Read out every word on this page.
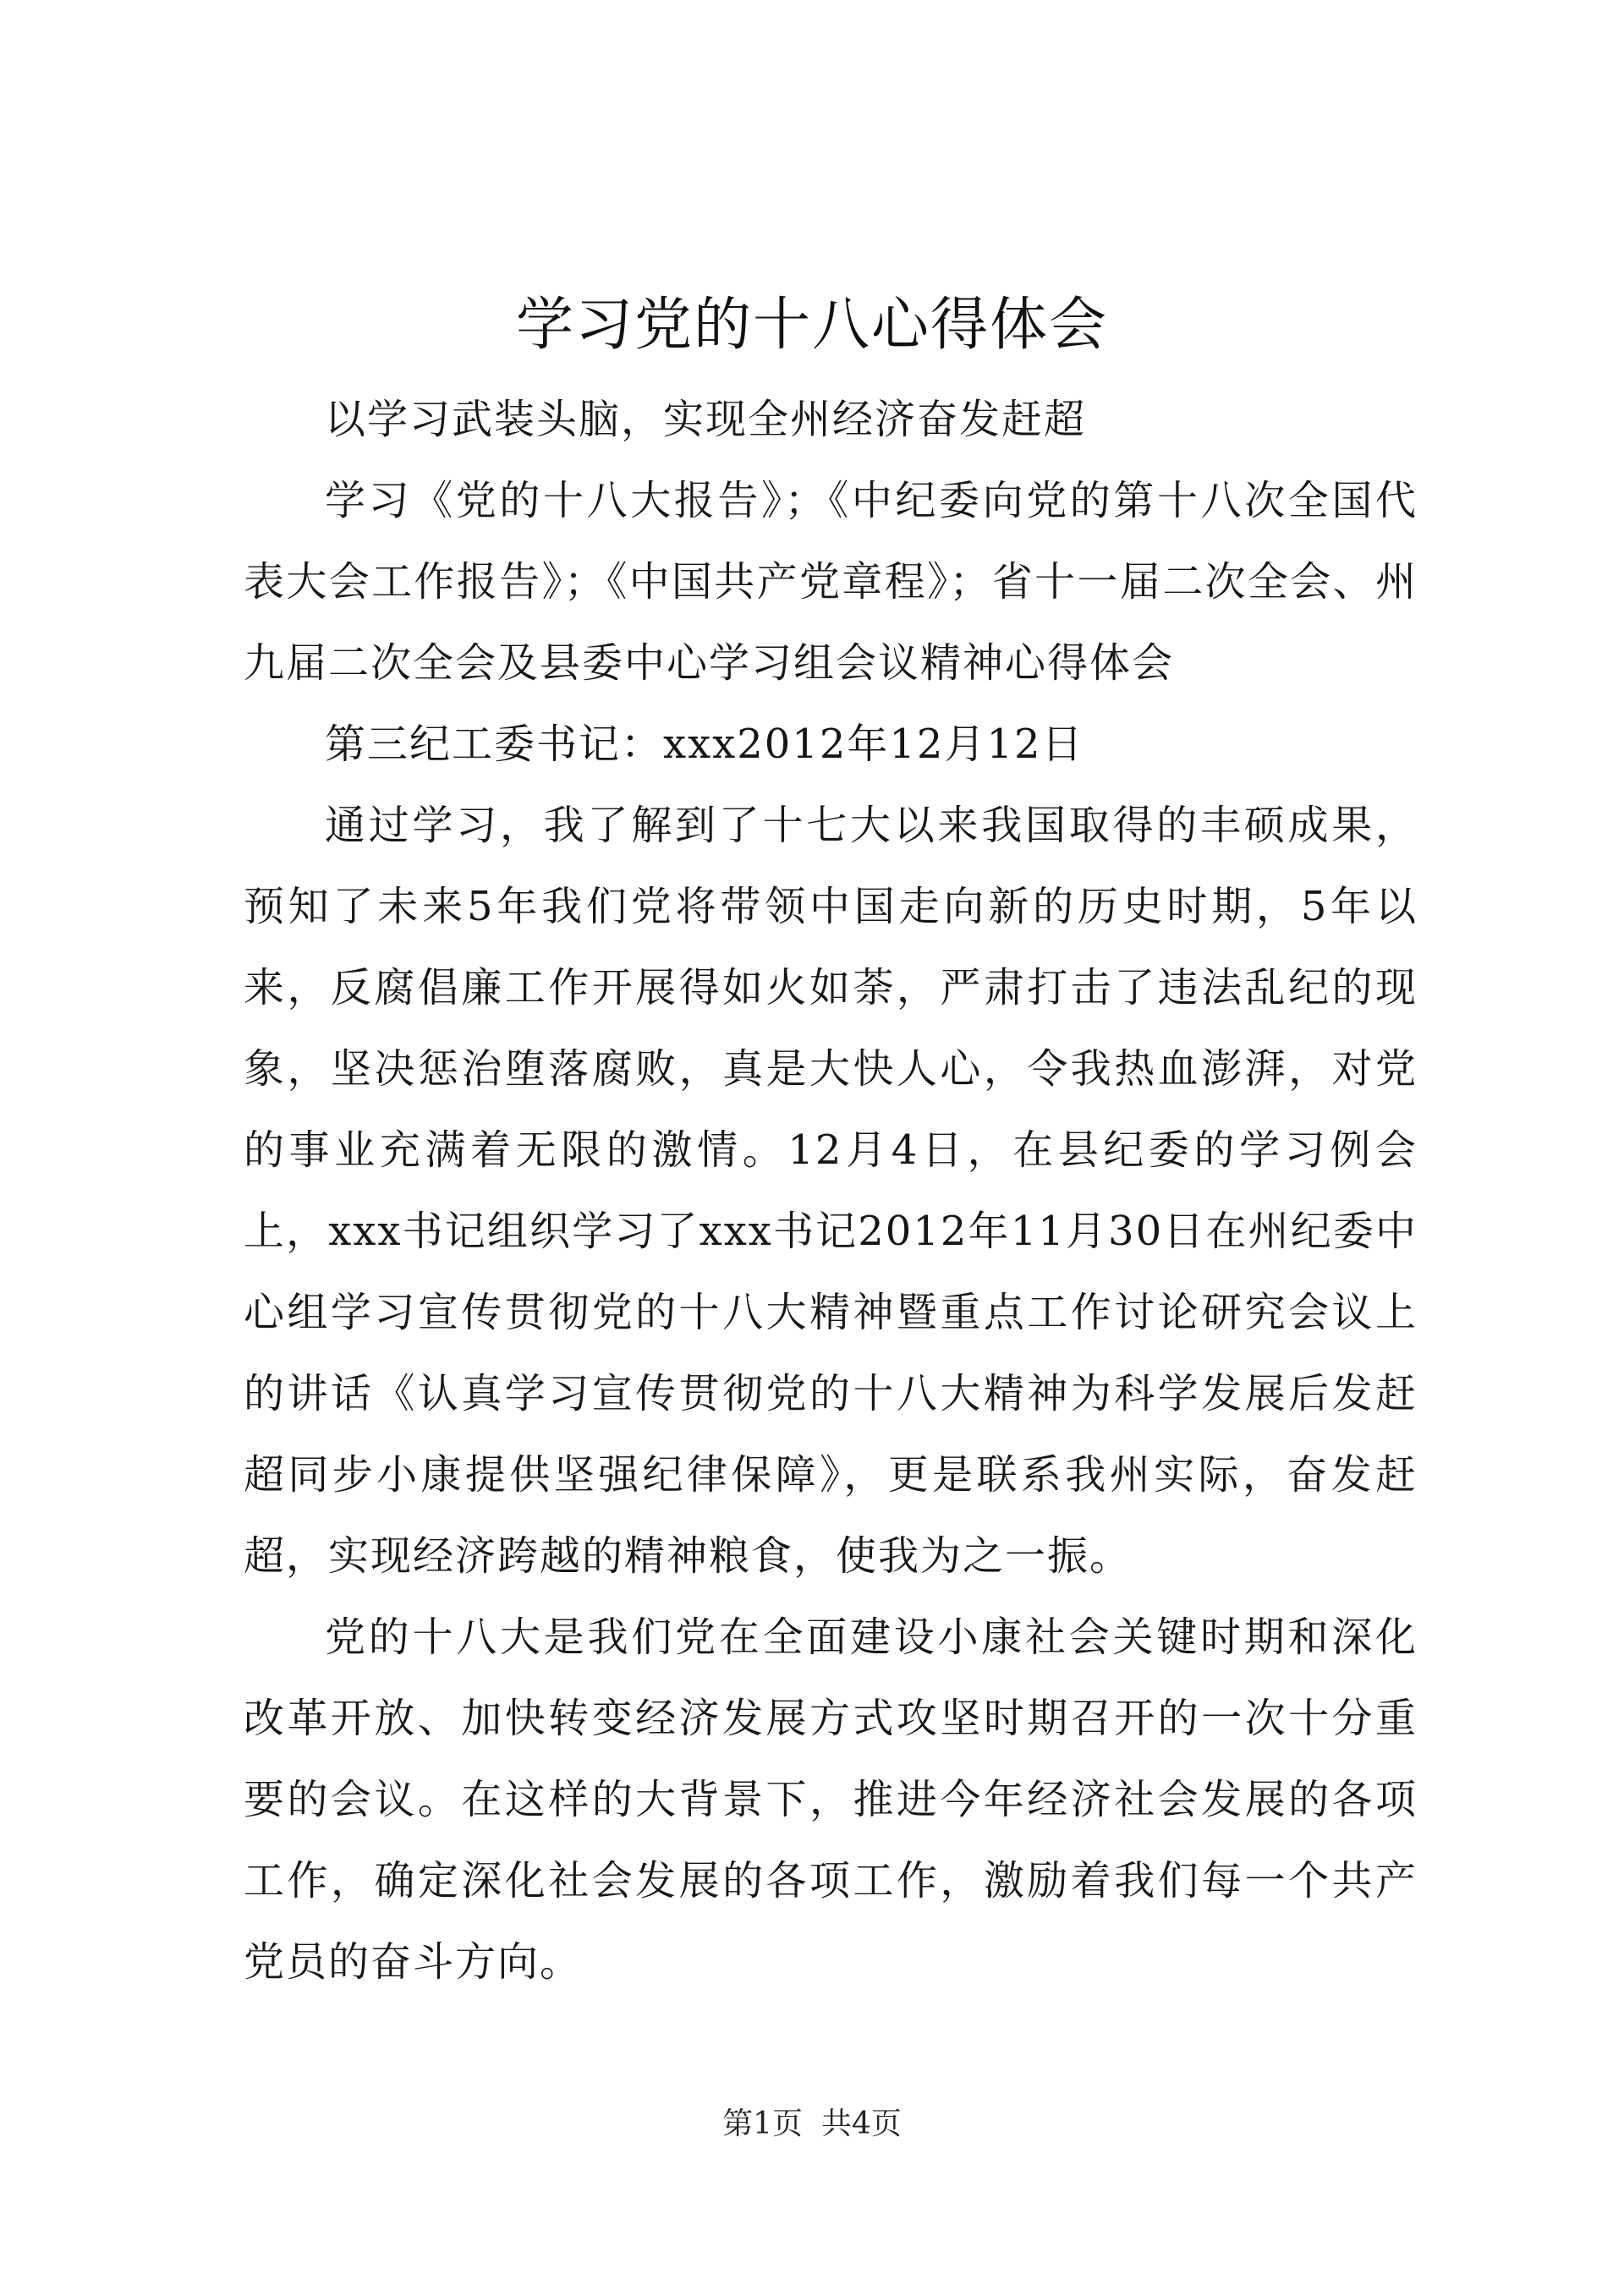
学习党的十八心得体会

以学习武装头脑，实现全州经济奋发赶超

学习《党的十八大报告》；《中纪委向党的第十八次全国代表大会工作报告》；《中国共产党章程》；省十一届二次全会、州九届二次全会及县委中心学习组会议精神心得体会

第三纪工委书记：xxx2012年12月12日

通过学习，我了解到了十七大以来我国取得的丰硕成果，预知了未来5年我们党将带领中国走向新的历史时期，5年以来，反腐倡廉工作开展得如火如荼，严肃打击了违法乱纪的现象，坚决惩治堕落腐败，真是大快人心，令我热血澎湃，对党的事业充满着无限的激情。12月4日，在县纪委的学习例会上，xxx书记组织学习了xxx书记2012年11月30日在州纪委中心组学习宣传贯彻党的十八大精神暨重点工作讨论研究会议上的讲话《认真学习宣传贯彻党的十八大精神为科学发展后发赶超同步小康提供坚强纪律保障》，更是联系我州实际，奋发赶超，实现经济跨越的精神粮食，使我为之一振。

党的十八大是我们党在全面建设小康社会关键时期和深化改革开放、加快转变经济发展方式攻坚时期召开的一次十分重要的会议。在这样的大背景下，推进今年经济社会发展的各项工作，确定深化社会发展的各项工作，激励着我们每一个共产党员的奋斗方向。

第1页 共4页
